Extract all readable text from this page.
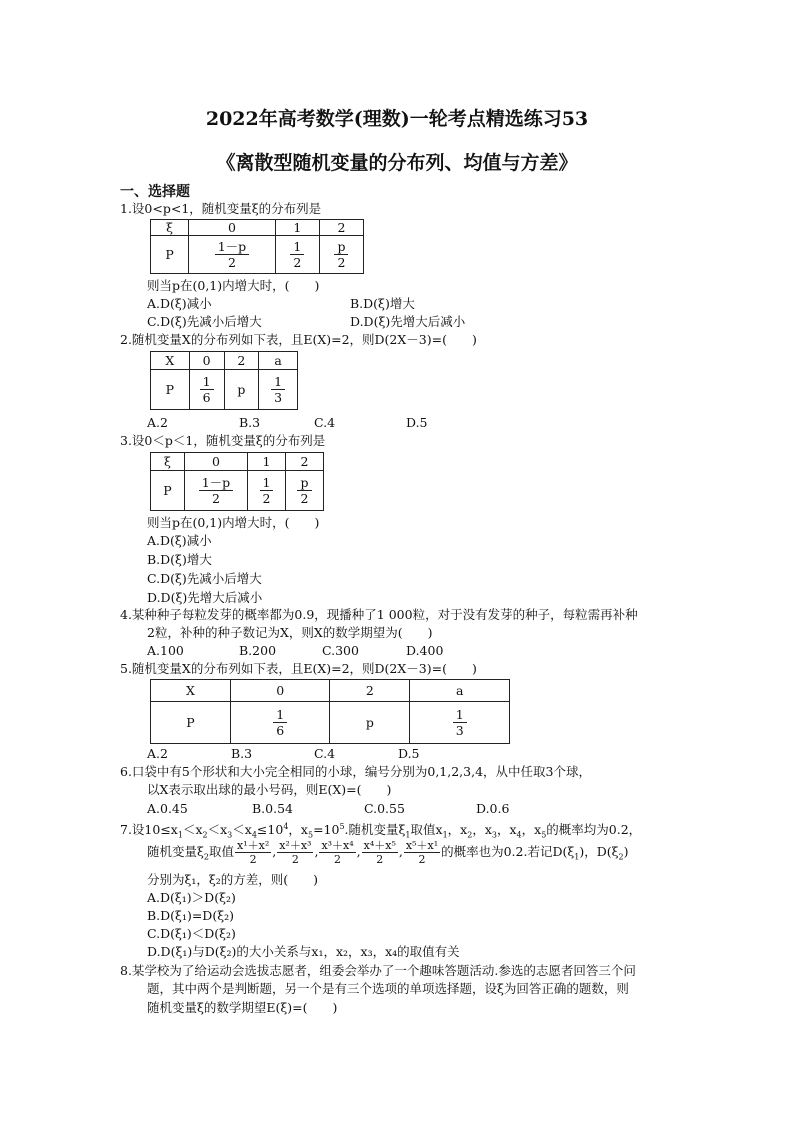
2022年高考数学(理数)一轮考点精选练习53
《离散型随机变量的分布列、均值与方差》
一、选择题
1.设0<p<1，随机变量ξ的分布列是
ξ	0	1	2
P	$\frac{1-p}{2}$	$\frac{1}{2}$	$\frac{p}{2}$
则当p在(0,1)内增大时，(　　)
A.D(ξ)减小	B.D(ξ)增大
C.D(ξ)先减小后增大	D.D(ξ)先增大后减小
2.随机变量X的分布列如下表，且E(X)=2，则D(2X－3)=(　　)
X	0	2	a
P	$\frac{1}{6}$	p	$\frac{1}{3}$
A.2	B.3	C.4	D.5
3.设0＜p＜1，随机变量ξ的分布列是
ξ	0	1	2
P	$\frac{1-p}{2}$	$\frac{1}{2}$	$\frac{p}{2}$
则当p在(0,1)内增大时，(　　)
A.D(ξ)减小
B.D(ξ)增大
C.D(ξ)先减小后增大
D.D(ξ)先增大后减小
4.某种种子每粒发芽的概率都为0.9，现播种了1 000粒，对于没有发芽的种子，每粒需再补种
2粒，补种的种子数记为X，则X的数学期望为(　　)
A.100	B.200	C.300	D.400
5.随机变量X的分布列如下表，且E(X)=2，则D(2X－3)=(　　)
X	0	2	a
P	$\frac{1}{6}$	p	$\frac{1}{3}$
A.2	B.3	C.4	D.5
6.口袋中有5个形状和大小完全相同的小球，编号分别为0,1,2,3,4，从中任取3个球，
以X表示取出球的最小号码，则E(X)=(　　)
A.0.45	B.0.54	C.0.55	D.0.6
7.设$10\le x_1<x_2<x_3<x_4\le 10^4$，$x_5=10^5$.随机变量$\xi_1$取值$x_1$，$x_2$，$x_3$，$x_4$，$x_5$的概率均为0.2，
随机变量$\xi_2$取值 $\frac{\text{x¹＋x²}}{2}$ , $\frac{\text{x²＋x³}}{2}$ , $\frac{\text{x³＋x⁴}}{2}$ , $\frac{\text{x⁴＋x⁵}}{2}$ , $\frac{\text{x⁵＋x¹}}{2}$ 的概率也为0.2.若记$D(\xi_1)$，$D(\xi_2)$
分别为ξ₁，ξ₂的方差，则(　　)
A.D(ξ₁)＞D(ξ₂)
B.D(ξ₁)=D(ξ₂)
C.D(ξ₁)＜D(ξ₂)
D.D(ξ₁)与D(ξ₂)的大小关系与x₁，x₂，x₃，x₄的取值有关
8.某学校为了给运动会选拔志愿者，组委会举办了一个趣味答题活动.参选的志愿者回答三个问
题，其中两个是判断题，另一个是有三个选项的单项选择题，设ξ为回答正确的题数，则
随机变量ξ的数学期望E(ξ)=(　　)
